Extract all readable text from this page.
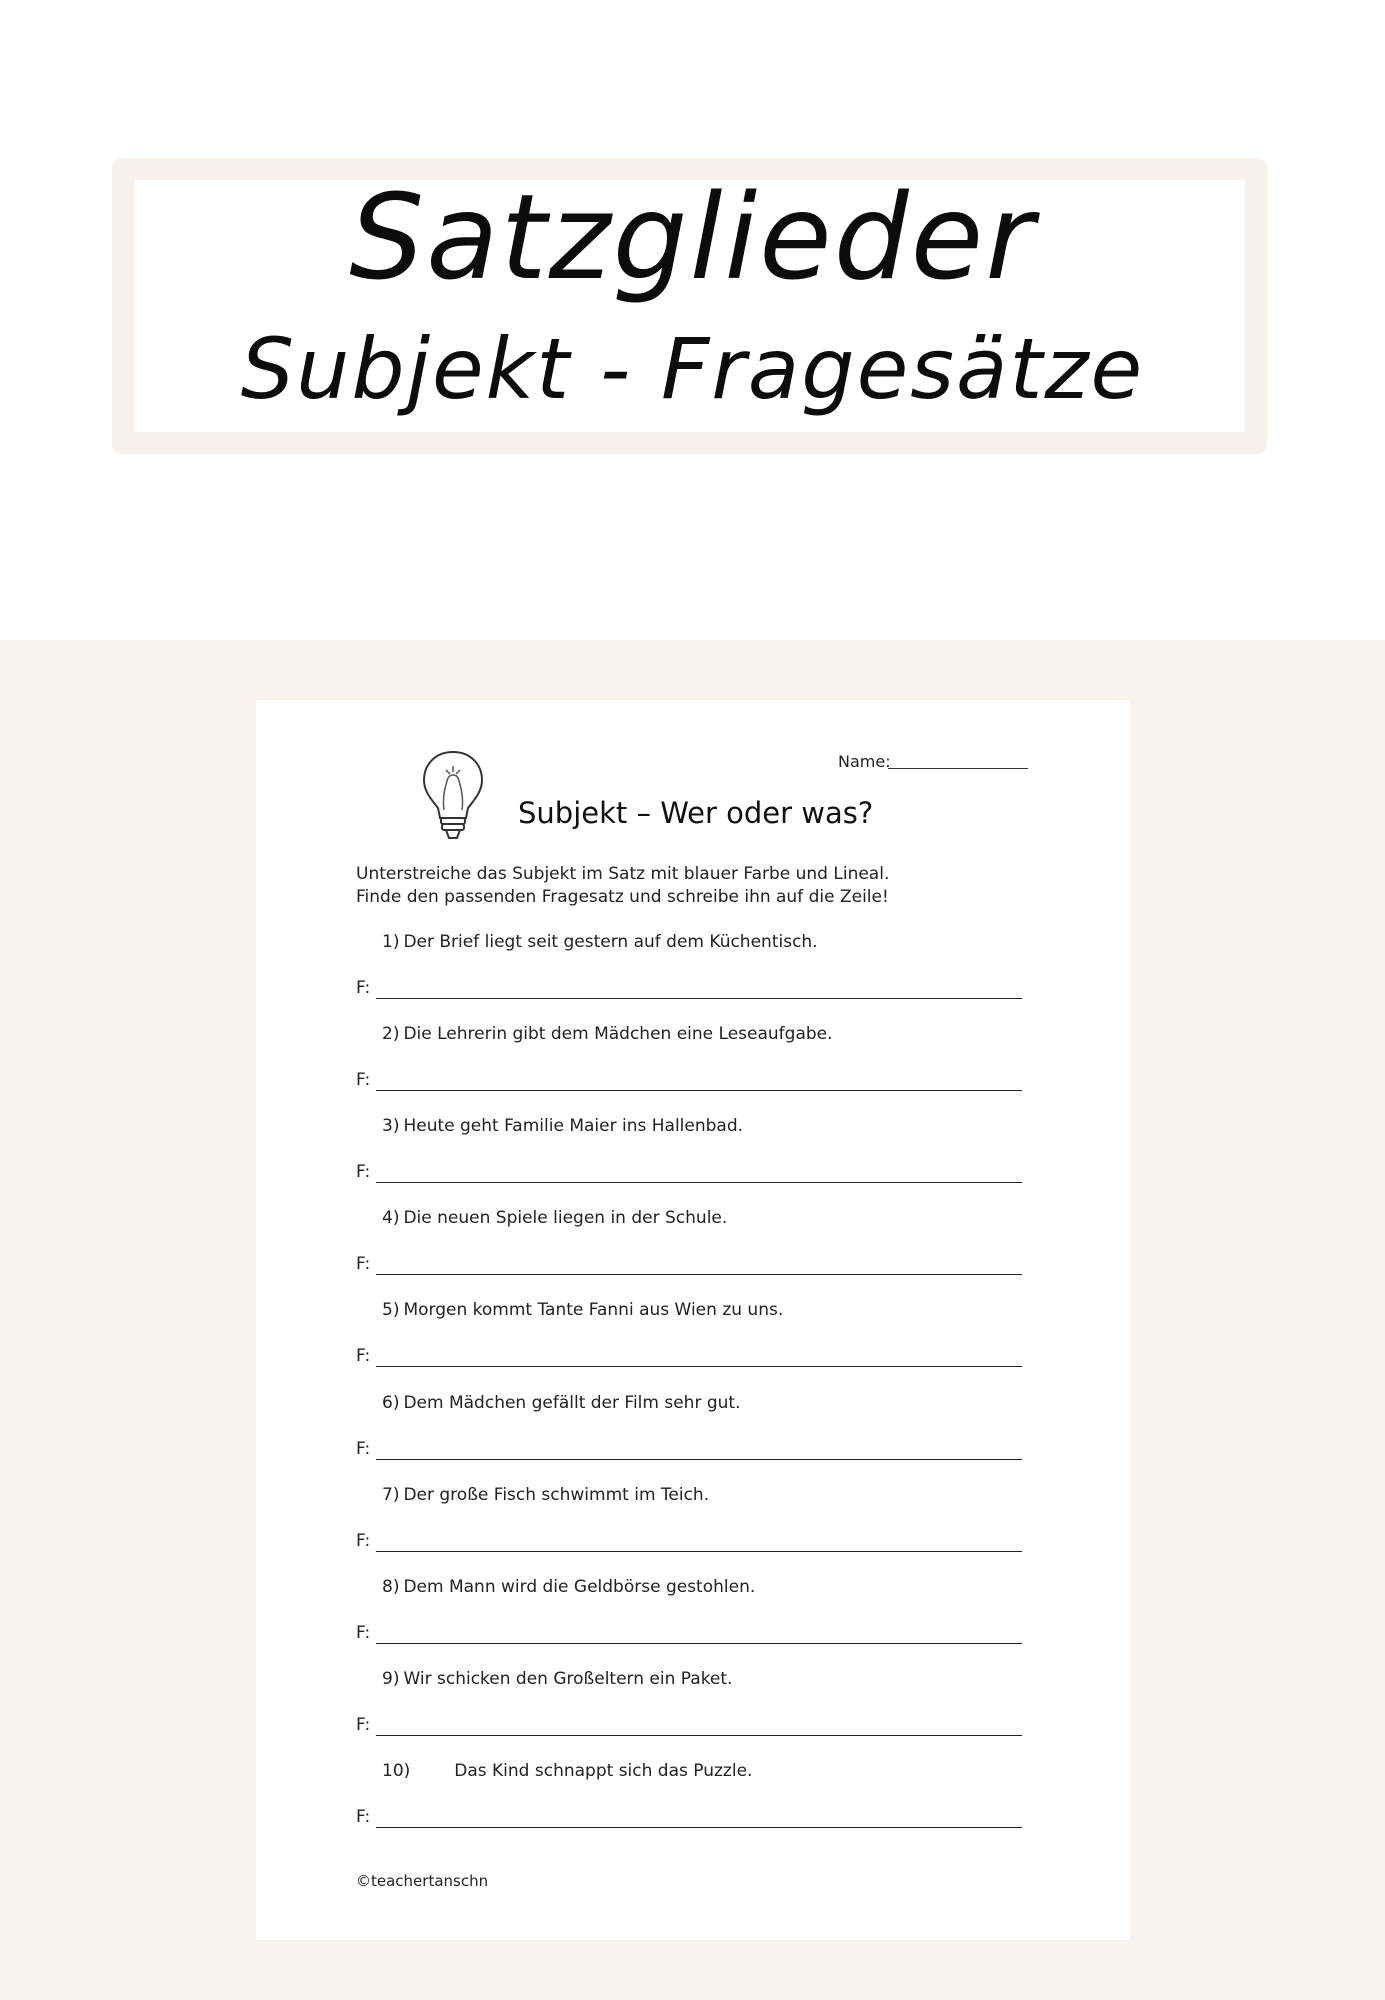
Satzglieder
Subjekt - Fragesätze
Name:
Subjekt – Wer oder was?
Unterstreiche das Subjekt im Satz mit blauer Farbe und Lineal.
Finde den passenden Fragesatz und schreibe ihn auf die Zeile!
1) Der Brief liegt seit gestern auf dem Küchentisch.
F:
2) Die Lehrerin gibt dem Mädchen eine Leseaufgabe.
F:
3) Heute geht Familie Maier ins Hallenbad.
F:
4) Die neuen Spiele liegen in der Schule.
F:
5) Morgen kommt Tante Fanni aus Wien zu uns.
F:
6) Dem Mädchen gefällt der Film sehr gut.
F:
7) Der große Fisch schwimmt im Teich.
F:
8) Dem Mann wird die Geldbörse gestohlen.
F:
9) Wir schicken den Großeltern ein Paket.
F:
10)	Das Kind schnappt sich das Puzzle.
F:
©teachertanschn
